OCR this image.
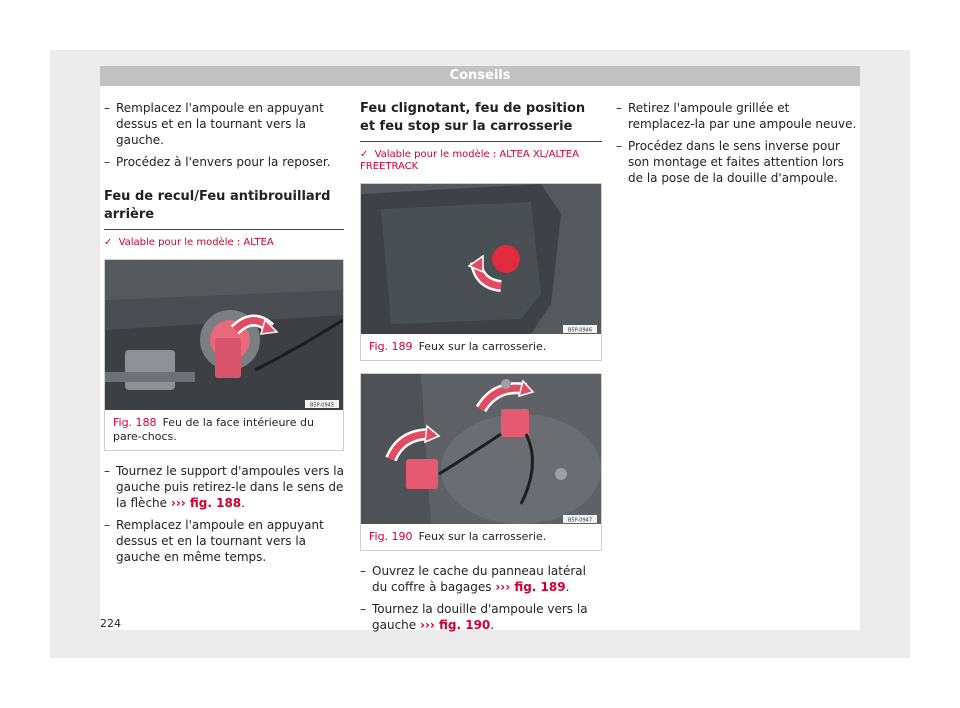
Conseils
– Remplacez l'ampoule en appuyant dessus et en la tournant vers la gauche.
– Procédez à l'envers pour la reposer.
Feu de recul/Feu antibrouillard arrière
✓ Valable pour le modèle : ALTEA
B5P-0945
Fig. 188 Feu de la face intérieure du pare-chocs.
– Tournez le support d'ampoules vers la gauche puis retirez-le dans le sens de la flèche ››› fig. 188.
– Remplacez l'ampoule en appuyant dessus et en la tournant vers la gauche en même temps.
Feu clignotant, feu de position et feu stop sur la carrosserie
✓ Valable pour le modèle : ALTEA XL/ALTEA FREETRACK
B5P-0946
Fig. 189 Feux sur la carrosserie.
B5P-0947
Fig. 190 Feux sur la carrosserie.
– Ouvrez le cache du panneau latéral du coffre à bagages ››› fig. 189.
– Tournez la douille d'ampoule vers la gauche ››› fig. 190.
– Retirez l'ampoule grillée et remplacez-la par une ampoule neuve.
– Procédez dans le sens inverse pour son montage et faites attention lors de la pose de la douille d'ampoule.
224
